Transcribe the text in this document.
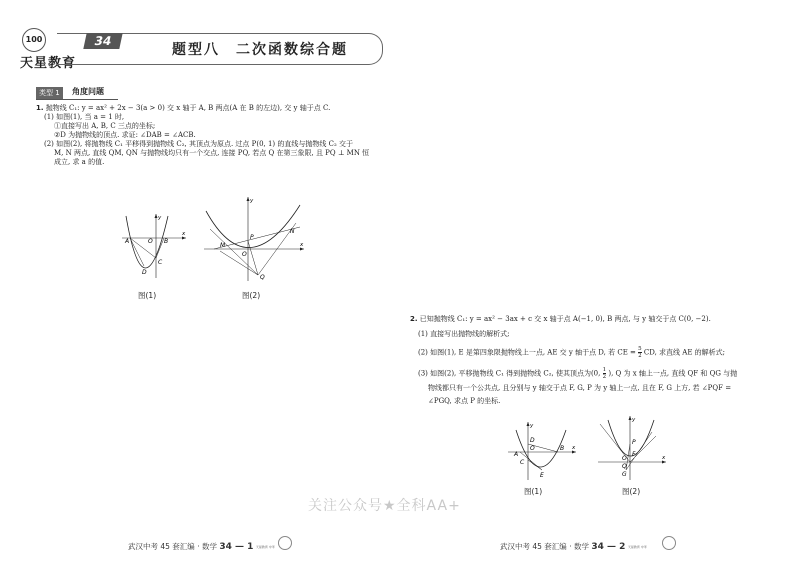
100
天星教育
34
题型八　二次函数综合题
类型 1	角度问题
1. 抛物线 C₁: y = ax² + 2x − 3(a > 0) 交 x 轴于 A, B 两点(A 在 B 的左边), 交 y 轴于点 C.
(1) 如图(1), 当 a = 1 时,
①直接写出 A, B, C 三点的坐标;
②D 为抛物线的顶点. 求证: ∠DAB = ∠ACB.
(2) 如图(2), 将抛物线 C₁ 平移得到抛物线 C₂, 其顶点为原点. 过点 P(0, 1) 的直线与抛物线 C₂ 交于
M, N 两点, 直线 QM, QN 与抛物线均只有一个交点, 连接 PQ, 若点 Q 在第三象限, 且 PQ ⊥ MN 恒
成立, 求 a 的值.
A	O B
C
D
x
y
图(1)
M
N
P
O
Q
x
y
图(2)
2. 已知抛物线 C₁: y = ax² − 3ax + c 交 x 轴于点 A(−1, 0), B 两点, 与 y 轴交于点 C(0, −2).
(1) 直接写出抛物线的解析式;
(2) 如图(1), E 是第四象限抛物线上一点, AE 交 y 轴于点 D, 若 CE = $\frac{5}{2}$ CD, 求直线 AE 的解析式;
(3) 如图(2), 平移抛物线 C₁ 得到抛物线 C₂, 使其顶点为(0, $\frac{1}{2}$ ), Q 为 x 轴上一点, 直线 QF 和 QG 与抛
物线都只有一个公共点, 且分别与 y 轴交于点 F, G, P 为 y 轴上一点, 且在 F, G 上方, 若 ∠PQF =
∠PGQ, 求点 P 的坐标.
A
O
D
B
C
E
x
y
图(1)
P
F
O
Q
G
x
y
图(2)
关注公众号★全科AA+
武汉中考 45 套汇编 · 数学 34 — 1 天星教育 中考	武汉中考 45 套汇编 · 数学 34 — 2 天星教育 中考
